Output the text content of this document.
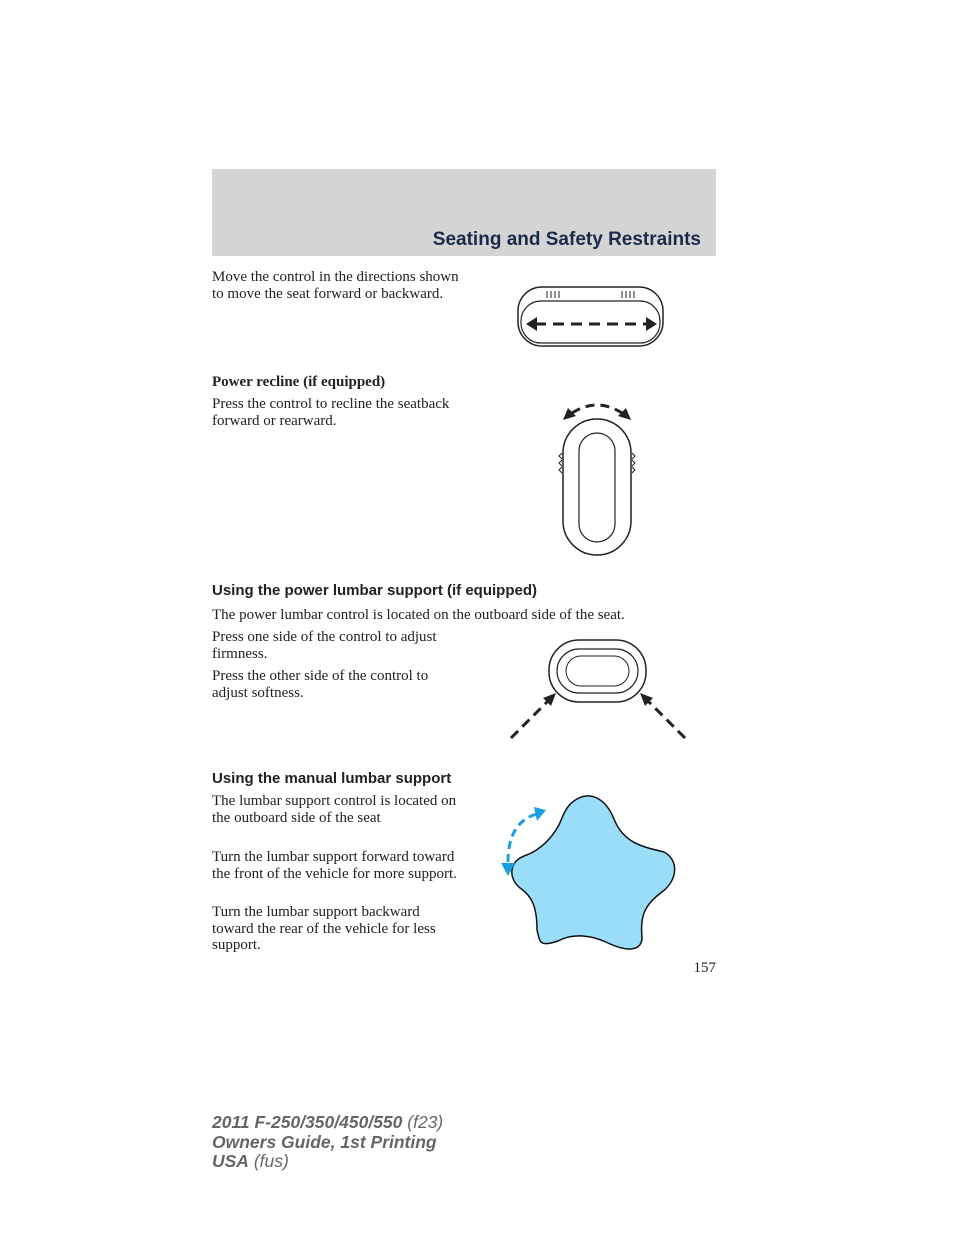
Seating and Safety Restraints

Move the control in the directions shown to move the seat forward or backward.

Power recline (if equipped)

Press the control to recline the seatback forward or rearward.

Using the power lumbar support (if equipped)

The power lumbar control is located on the outboard side of the seat.

Press one side of the control to adjust firmness.

Press the other side of the control to adjust softness.

Using the manual lumbar support

The lumbar support control is located on the outboard side of the seat

Turn the lumbar support forward toward the front of the vehicle for more support.

Turn the lumbar support backward toward the rear of the vehicle for less support.

157
2011 F-250/350/450/550 (f23)
Owners Guide, 1st Printing
USA (fus)
